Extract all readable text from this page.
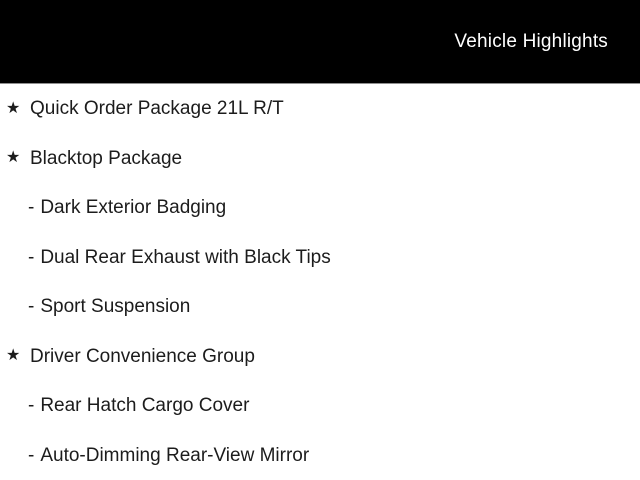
Vehicle Highlights
★ Quick Order Package 21L R/T
★ Blacktop Package
- Dark Exterior Badging
- Dual Rear Exhaust with Black Tips
- Sport Suspension
★ Driver Convenience Group
- Rear Hatch Cargo Cover
- Auto-Dimming Rear-View Mirror
